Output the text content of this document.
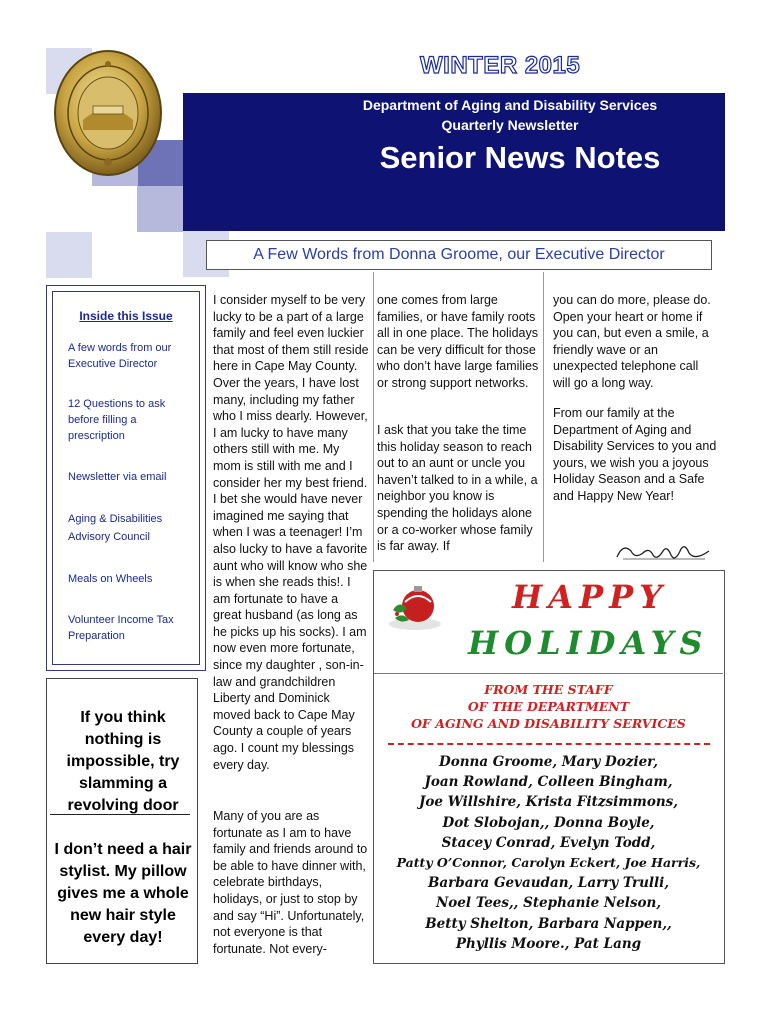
WINTER 2015
Department of Aging and Disability Services
Quarterly Newsletter
Senior News Notes
A Few Words from Donna Groome, our Executive Director
Inside this Issue
A few words from our Executive Director
12 Questions to ask before filling a prescription
Newsletter via email
Aging & Disabilities Advisory Council
Meals on Wheels
Volunteer Income Tax Preparation
If you think nothing is impossible, try slamming a revolving door
I don’t need a hair stylist. My pillow gives me a whole new hair style every day!
I consider myself to be very lucky to be a part of a large family and feel even luckier that most of them still reside here in Cape May County. Over the years, I have lost many, including my father who I miss dearly. However, I am lucky to have many others still with me. My mom is still with me and I consider her my best friend. I bet she would have never imagined me saying that when I was a teenager! I’m also lucky to have a favorite aunt who will know who she is when she reads this!. I am fortunate to have a great husband (as long as he picks up his socks). I am now even more fortunate, since my daughter , son-in-law and grandchildren Liberty and Dominick moved back to Cape May County a couple of years ago. I count my blessings every day.
Many of you are as fortunate as I am to have family and friends around to be able to have dinner with, celebrate birthdays, holidays, or just to stop by and say “Hi”. Unfortunately, not everyone is that fortunate. Not every-
one comes from large families, or have family roots all in one place. The holidays can be very difficult for those who don’t have large families or strong support networks.
I ask that you take the time this holiday season to reach out to an aunt or uncle you haven’t talked to in a while, a neighbor you know is spending the holidays alone or a co-worker whose family is far away. If
you can do more, please do. Open your heart or home if you can, but even a smile, a friendly wave or an unexpected telephone call will go a long way.
From our family at the Department of Aging and Disability Services to you and yours, we wish you a joyous Holiday Season and a Safe and Happy New Year!
HAPPY
HOLIDAYS
FROM THE STAFF
OF THE DEPARTMENT
OF AGING AND DISABILITY SERVICES
Donna Groome, Mary Dozier,
Joan Rowland, Colleen Bingham,
Joe Willshire, Krista Fitzsimmons,
Dot Slobojan,, Donna Boyle,
Stacey Conrad, Evelyn Todd,
Patty O’Connor, Carolyn Eckert, Joe Harris,
Barbara Gevaudan, Larry Trulli,
Noel Tees,, Stephanie Nelson,
Betty Shelton, Barbara Nappen,,
Phyllis Moore., Pat Lang
